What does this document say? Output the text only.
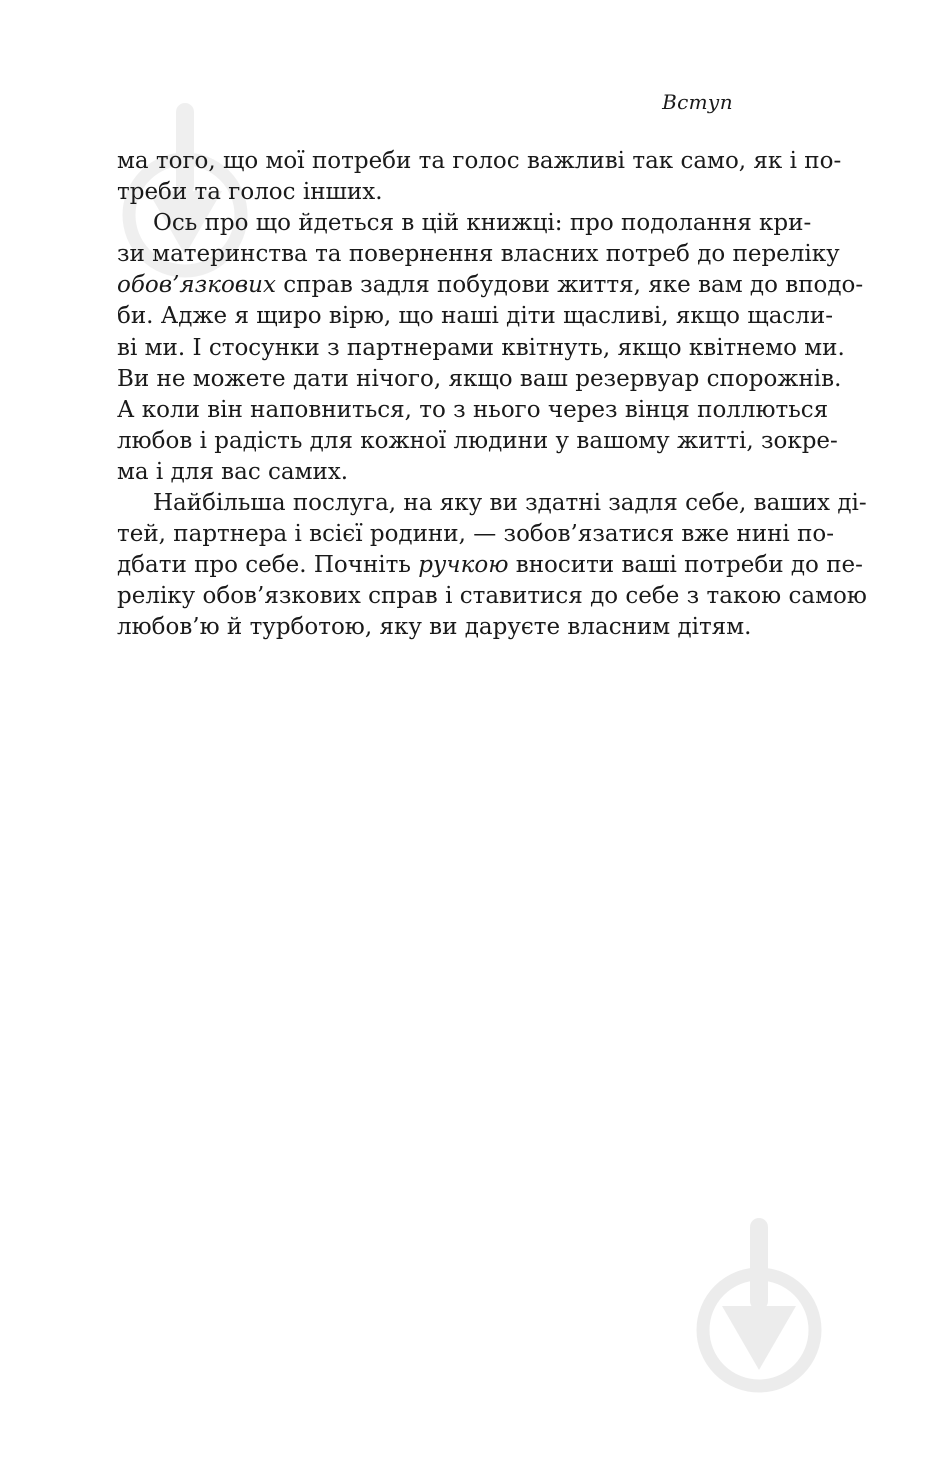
Вступ
ма того, що мої потреби та голос важливі так само, як і по-
треби та голос інших.
Ось про що йдеться в цій книжці: про подолання кри-
зи материнства та повернення власних потреб до переліку
обов’язкових справ задля побудови життя, яке вам до вподо-
би. Адже я щиро вірю, що наші діти щасливі, якщо щасли-
ві ми. І стосунки з партнерами квітнуть, якщо квітнемо ми.
Ви не можете дати нічого, якщо ваш резервуар спорожнів.
А коли він наповниться, то з нього через вінця поллються
любов і радість для кожної людини у вашому житті, зокре-
ма і для вас самих.
Найбільша послуга, на яку ви здатні задля себе, ваших ді-
тей, партнера і всієї родини, — зобов’язатися вже нині по-
дбати про себе. Почніть ручкою вносити ваші потреби до пе-
реліку обов’язкових справ і ставитися до себе з такою самою
любов’ю й турботою, яку ви даруєте власним дітям.
